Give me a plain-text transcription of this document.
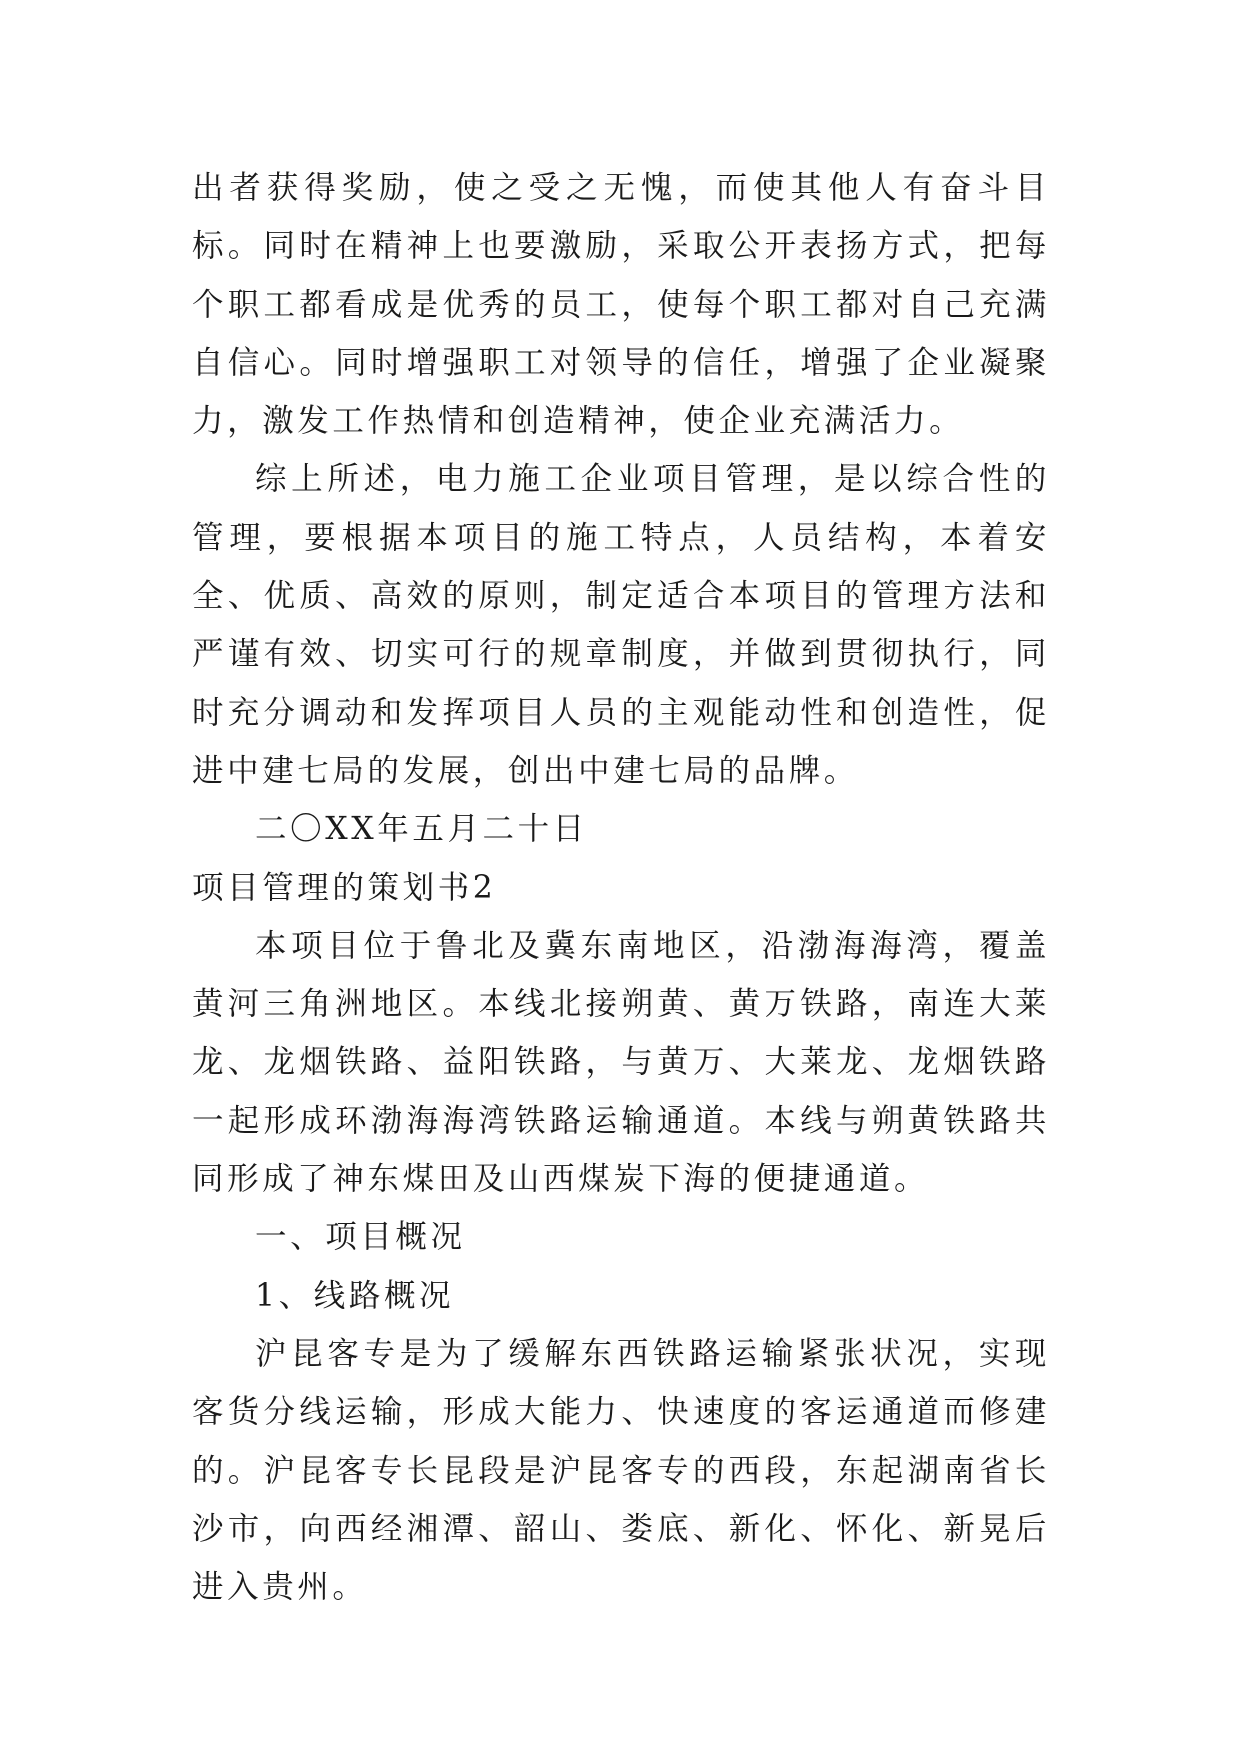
出者获得奖励，使之受之无愧，而使其他人有奋斗目标。同时在精神上也要激励，采取公开表扬方式，把每个职工都看成是优秀的员工，使每个职工都对自己充满自信心。同时增强职工对领导的信任，增强了企业凝聚力，激发工作热情和创造精神，使企业充满活力。

综上所述，电力施工企业项目管理，是以综合性的管理，要根据本项目的施工特点，人员结构，本着安全、优质、高效的原则，制定适合本项目的管理方法和严谨有效、切实可行的规章制度，并做到贯彻执行，同时充分调动和发挥项目人员的主观能动性和创造性，促进中建七局的发展，创出中建七局的品牌。

二〇XX年五月二十日

项目管理的策划书2

本项目位于鲁北及冀东南地区，沿渤海海湾，覆盖黄河三角洲地区。本线北接朔黄、黄万铁路，南连大莱龙、龙烟铁路、益阳铁路，与黄万、大莱龙、龙烟铁路一起形成环渤海海湾铁路运输通道。本线与朔黄铁路共同形成了神东煤田及山西煤炭下海的便捷通道。

一、项目概况

1、线路概况

沪昆客专是为了缓解东西铁路运输紧张状况，实现客货分线运输，形成大能力、快速度的客运通道而修建的。沪昆客专长昆段是沪昆客专的西段，东起湖南省长沙市，向西经湘潭、韶山、娄底、新化、怀化、新晃后进入贵州。
